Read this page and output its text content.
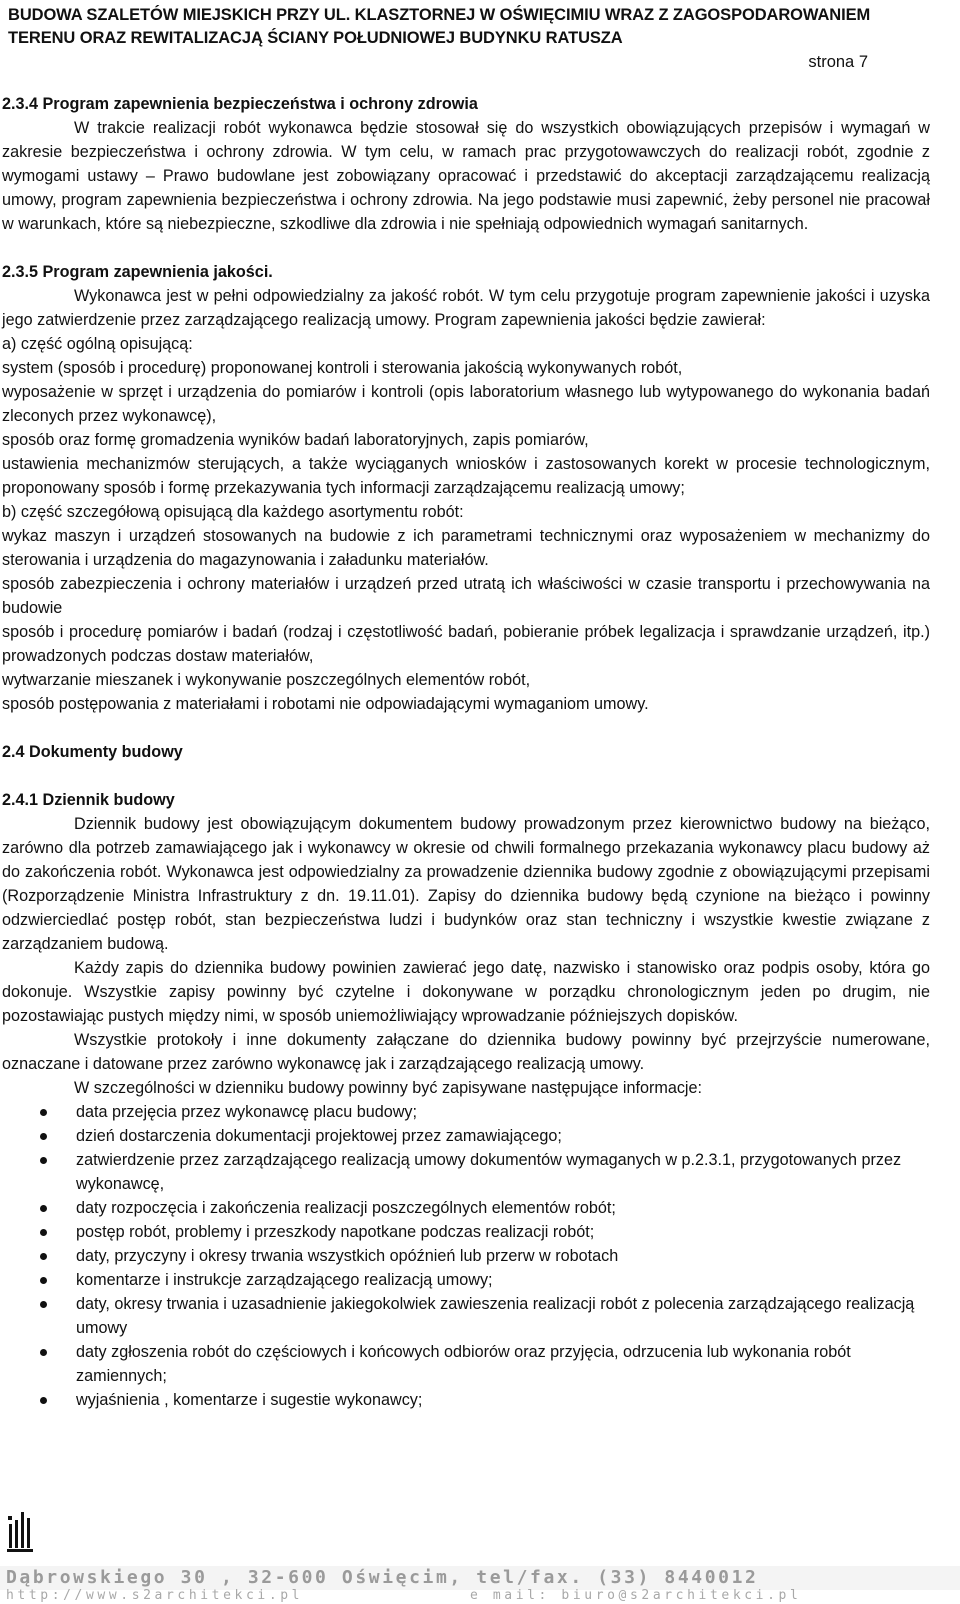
BUDOWA SZALETÓW MIEJSKICH PRZY UL. KLASZTORNEJ W OŚWIĘCIMIU WRAZ Z ZAGOSPODAROWANIEM

TERENU ORAZ REWITALIZACJĄ ŚCIANY POŁUDNIOWEJ BUDYNKU RATUSZA

strona 7

2.3.4 Program zapewnienia bezpieczeństwa i ochrony zdrowia

W trakcie realizacji robót wykonawca będzie stosował się do wszystkich obowiązujących przepisów i wymagań w zakresie bezpieczeństwa i ochrony zdrowia. W tym celu, w ramach prac przygotowawczych do realizacji robót, zgodnie z wymogami ustawy – Prawo budowlane jest zobowiązany opracować i przedstawić do akceptacji zarządzającemu realizacją umowy, program zapewnienia bezpieczeństwa i ochrony zdrowia. Na jego podstawie musi zapewnić, żeby personel nie pracował w warunkach, które są niebezpieczne, szkodliwe dla zdrowia i nie spełniają odpowiednich wymagań sanitarnych.

2.3.5 Program zapewnienia jakości.

Wykonawca jest w pełni odpowiedzialny za jakość robót. W tym celu przygotuje program zapewnienie jakości i uzyska jego zatwierdzenie przez zarządzającego realizacją umowy. Program zapewnienia jakości będzie zawierał:

a) część ogólną opisującą:

system (sposób i procedurę) proponowanej kontroli i sterowania jakością wykonywanych robót,

wyposażenie w sprzęt i urządzenia do pomiarów i kontroli (opis laboratorium własnego lub wytypowanego do wykonania badań zleconych przez wykonawcę),

sposób oraz formę gromadzenia wyników badań laboratoryjnych, zapis pomiarów,

ustawienia mechanizmów sterujących, a także wyciąganych wniosków i zastosowanych korekt w procesie technologicznym, proponowany sposób i formę przekazywania tych informacji zarządzającemu realizacją umowy;

b) część szczegółową opisującą dla każdego asortymentu robót:

wykaz maszyn i urządzeń stosowanych na budowie z ich parametrami technicznymi oraz wyposażeniem w mechanizmy do sterowania i urządzenia do magazynowania i załadunku materiałów.

sposób zabezpieczenia i ochrony materiałów i urządzeń przed utratą ich właściwości w czasie transportu i przechowywania na budowie

sposób i procedurę pomiarów i badań (rodzaj i częstotliwość badań, pobieranie próbek legalizacja i sprawdzanie urządzeń, itp.) prowadzonych podczas dostaw materiałów,

wytwarzanie mieszanek i wykonywanie poszczególnych elementów robót,

sposób postępowania z materiałami i robotami nie odpowiadającymi wymaganiom umowy.

2.4 Dokumenty budowy

2.4.1 Dziennik budowy

Dziennik budowy jest obowiązującym dokumentem budowy prowadzonym przez kierownictwo budowy na bieżąco, zarówno dla potrzeb zamawiającego jak i wykonawcy w okresie od chwili formalnego przekazania wykonawcy placu budowy aż do zakończenia robót. Wykonawca jest odpowiedzialny za prowadzenie dziennika budowy zgodnie z obowiązującymi przepisami (Rozporządzenie Ministra Infrastruktury z dn. 19.11.01). Zapisy do dziennika budowy będą czynione na bieżąco i powinny odzwierciedlać postęp robót, stan bezpieczeństwa ludzi i budynków oraz stan techniczny i wszystkie kwestie związane z zarządzaniem budową.

Każdy zapis do dziennika budowy powinien zawierać jego datę, nazwisko i stanowisko oraz podpis osoby, która go dokonuje. Wszystkie zapisy powinny być czytelne i dokonywane w porządku chronologicznym jeden po drugim, nie pozostawiając pustych między nimi, w sposób uniemożliwiający wprowadzanie późniejszych dopisków.

Wszystkie protokoły i inne dokumenty załączane do dziennika budowy powinny być przejrzyście numerowane, oznaczane i datowane przez zarówno wykonawcę jak i zarządzającego realizacją umowy.

W szczególności w dzienniku budowy powinny być zapisywane następujące informacje:

data przejęcia przez wykonawcę placu budowy;
dzień dostarczenia dokumentacji projektowej przez zamawiającego;
zatwierdzenie przez zarządzającego realizacją umowy dokumentów wymaganych w p.2.3.1, przygotowanych przez wykonawcę,
daty rozpoczęcia i zakończenia realizacji poszczególnych elementów robót;
postęp robót, problemy i przeszkody napotkane podczas realizacji robót;
daty, przyczyny i okresy trwania wszystkich opóźnień lub przerw w robotach
komentarze i instrukcje zarządzającego realizacją umowy;
daty, okresy trwania i uzasadnienie jakiegokolwiek zawieszenia realizacji robót z polecenia zarządzającego realizacją umowy
daty zgłoszenia robót do częściowych i końcowych odbiorów oraz przyjęcia, odrzucenia lub wykonania robót zamiennych;
wyjaśnienia , komentarze i sugestie wykonawcy;
Dąbrowskiego 30 , 32-600 Oświęcim, tel/fax. (33) 8440012
http://www.s2architekci.pl	e mail: biuro@s2architekci.pl
